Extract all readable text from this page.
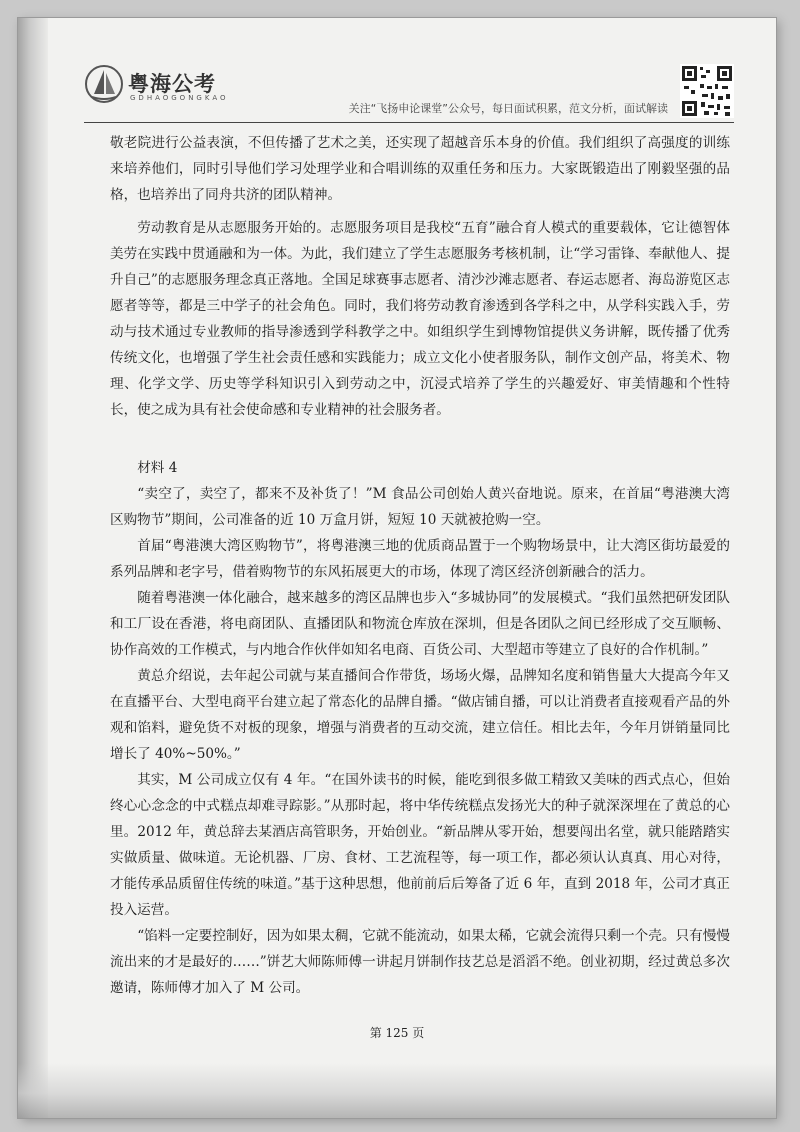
粤海公考
GDHAOGONGKAO
关注“飞扬申论课堂”公众号，每日面试积累，范文分析，面试解读

敬老院进行公益表演，不但传播了艺术之美，还实现了超越音乐本身的价值。我们组织了高强度的训练来培养他们，同时引导他们学习处理学业和合唱训练的双重任务和压力。大家既锻造出了刚毅坚强的品格，也培养出了同舟共济的团队精神。

劳动教育是从志愿服务开始的。志愿服务项目是我校“五育”融合育人模式的重要载体，它让德智体美劳在实践中贯通融和为一体。为此，我们建立了学生志愿服务考核机制，让“学习雷锋、奉献他人、提升自己”的志愿服务理念真正落地。全国足球赛事志愿者、清沙沙滩志愿者、春运志愿者、海岛游览区志愿者等等，都是三中学子的社会角色。同时，我们将劳动教育渗透到各学科之中，从学科实践入手，劳动与技术通过专业教师的指导渗透到学科教学之中。如组织学生到博物馆提供义务讲解，既传播了优秀传统文化，也增强了学生社会责任感和实践能力；成立文化小使者服务队，制作文创产品，将美术、物理、化学文学、历史等学科知识引入到劳动之中，沉浸式培养了学生的兴趣爱好、审美情趣和个性特长，使之成为具有社会使命感和专业精神的社会服务者。

材料 4

“卖空了，卖空了，都来不及补货了！”M 食品公司创始人黄兴奋地说。原来，在首届“粤港澳大湾区购物节”期间，公司准备的近 10 万盒月饼，短短 10 天就被抢购一空。

首届“粤港澳大湾区购物节”，将粤港澳三地的优质商品置于一个购物场景中，让大湾区街坊最爱的系列品牌和老字号，借着购物节的东风拓展更大的市场，体现了湾区经济创新融合的活力。

随着粤港澳一体化融合，越来越多的湾区品牌也步入“多城协同”的发展模式。“我们虽然把研发团队和工厂设在香港，将电商团队、直播团队和物流仓库放在深圳，但是各团队之间已经形成了交互顺畅、协作高效的工作模式，与内地合作伙伴如知名电商、百货公司、大型超市等建立了良好的合作机制。”

黄总介绍说，去年起公司就与某直播间合作带货，场场火爆，品牌知名度和销售量大大提高今年又在直播平台、大型电商平台建立起了常态化的品牌自播。“做店铺自播，可以让消费者直接观看产品的外观和馅料，避免货不对板的现象，增强与消费者的互动交流，建立信任。相比去年，今年月饼销量同比增长了 40%~50%。”

其实，M 公司成立仅有 4 年。“在国外读书的时候，能吃到很多做工精致又美味的西式点心，但始终心心念念的中式糕点却难寻踪影。”从那时起，将中华传统糕点发扬光大的种子就深深埋在了黄总的心里。2012 年，黄总辞去某酒店高管职务，开始创业。“新品牌从零开始，想要闯出名堂，就只能踏踏实实做质量、做味道。无论机器、厂房、食材、工艺流程等，每一项工作，都必须认认真真、用心对待，才能传承品质留住传统的味道。”基于这种思想，他前前后后筹备了近 6 年，直到 2018 年，公司才真正投入运营。

“馅料一定要控制好，因为如果太稠，它就不能流动，如果太稀，它就会流得只剩一个壳。只有慢慢流出来的才是最好的……”饼艺大师陈师傅一讲起月饼制作技艺总是滔滔不绝。创业初期，经过黄总多次邀请，陈师傅才加入了 M 公司。

第 125 页
